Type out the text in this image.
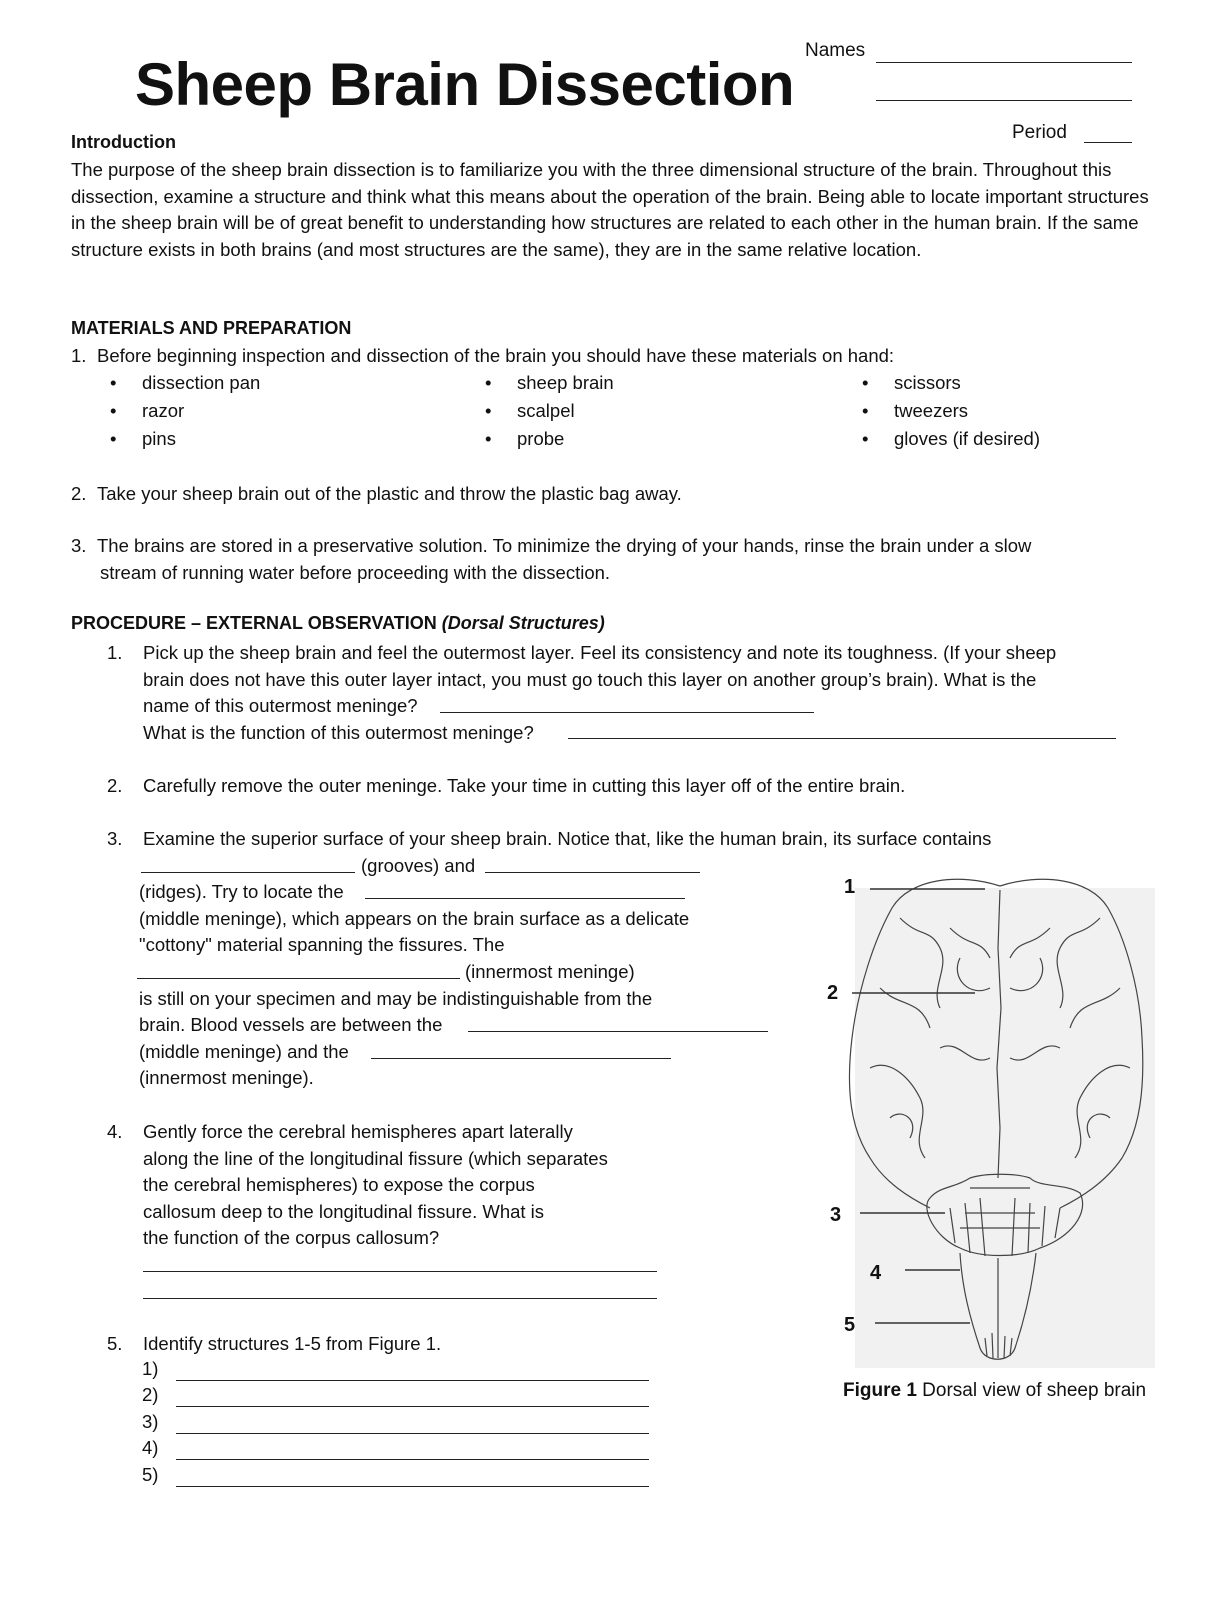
Sheep Brain Dissection
Names
Period
Introduction

The purpose of the sheep brain dissection is to familiarize you with the three dimensional structure of the brain. Throughout this dissection, examine a structure and think what this means about the operation of the brain. Being able to locate important structures in the sheep brain will be of great benefit to understanding how structures are related to each other in the human brain. If the same structure exists in both brains (and most structures are the same), they are in the same relative location.

MATERIALS AND PREPARATION
1. Before beginning inspection and dissection of the brain you should have these materials on hand:
• dissection pan	• sheep brain	• scissors
• razor	• scalpel	• tweezers
• pins	• probe	• gloves (if desired)
2. Take your sheep brain out of the plastic and throw the plastic bag away.
3. The brains are stored in a preservative solution. To minimize the drying of your hands, rinse the brain under a slow
stream of running water before proceeding with the dissection.
PROCEDURE – EXTERNAL OBSERVATION (Dorsal Structures)
1. Pick up the sheep brain and feel the outermost layer. Feel its consistency and note its toughness. (If your sheep
brain does not have this outer layer intact, you must go touch this layer on another group’s brain). What is the
name of this outermost meninge?
What is the function of this outermost meninge?
2. Carefully remove the outer meninge. Take your time in cutting this layer off of the entire brain.
3. Examine the superior surface of your sheep brain. Notice that, like the human brain, its surface contains
(grooves) and
(ridges). Try to locate the
(middle meninge), which appears on the brain surface as a delicate
"cottony" material spanning the fissures. The
(innermost meninge)
is still on your specimen and may be indistinguishable from the
brain. Blood vessels are between the
(middle meninge) and the
(innermost meninge).
4. Gently force the cerebral hemispheres apart laterally
along the line of the longitudinal fissure (which separates
the cerebral hemispheres) to expose the corpus
callosum deep to the longitudinal fissure. What is
the function of the corpus callosum?
5. Identify structures 1-5 from Figure 1.
1)
2)
3)
4)
5)
1
2
3
4
5
Figure 1 Dorsal view of sheep brain
